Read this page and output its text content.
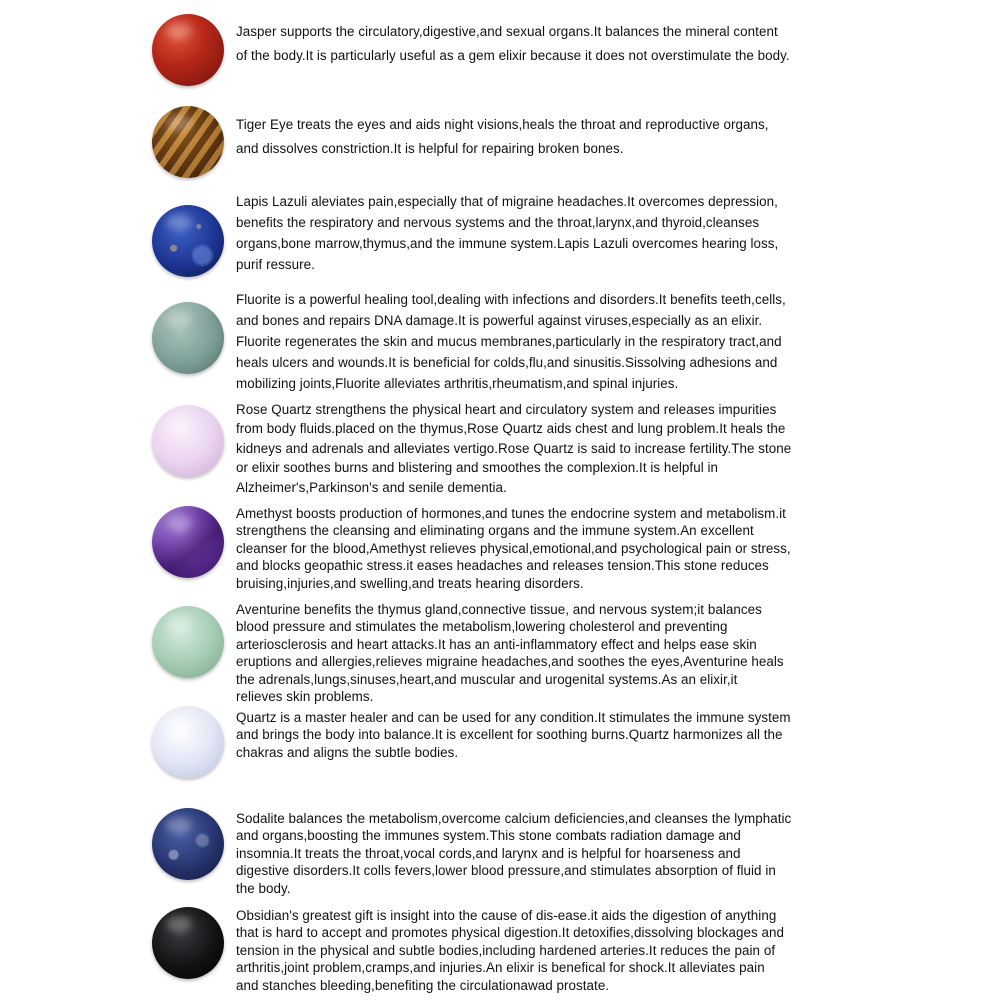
Jasper supports the circulatory,digestive,and sexual organs.It balances the mineral content
of the body.It is particularly useful as a gem elixir because it does not overstimulate the body.

Tiger Eye treats the eyes and aids night visions,heals the throat and reproductive organs,
and dissolves constriction.It is helpful for repairing broken bones.

Lapis Lazuli aleviates pain,especially that of migraine headaches.It overcomes depression,
benefits the respiratory and nervous systems and the throat,larynx,and thyroid,cleanses
organs,bone marrow,thymus,and the immune system.Lapis Lazuli overcomes hearing loss,
purif ressure.

Fluorite is a powerful healing tool,dealing with infections and disorders.It benefits teeth,cells,
and bones and repairs DNA damage.It is powerful against viruses,especially as an elixir.
Fluorite regenerates the skin and mucus membranes,particularly in the respiratory tract,and
heals ulcers and wounds.It is beneficial for colds,flu,and sinusitis.Sissolving adhesions and
mobilizing joints,Fluorite alleviates arthritis,rheumatism,and spinal injuries.

Rose Quartz strengthens the physical heart and circulatory system and releases impurities
from body fluids.placed on the thymus,Rose Quartz aids chest and lung problem.It heals the
kidneys and adrenals and alleviates vertigo.Rose Quartz is said to increase fertility.The stone
or elixir soothes burns and blistering and smoothes the complexion.It is helpful in
Alzheimer's,Parkinson's and senile dementia.

Amethyst boosts production of hormones,and tunes the endocrine system and metabolism.it
strengthens the cleansing and eliminating organs and the immune system.An excellent
cleanser for the blood,Amethyst relieves physical,emotional,and psychological pain or stress,
and blocks geopathic stress.it eases headaches and releases tension.This stone reduces
bruising,injuries,and swelling,and treats hearing disorders.

Aventurine benefits the thymus gland,connective tissue, and nervous system;it balances
blood pressure and stimulates the metabolism,lowering cholesterol and preventing
arteriosclerosis and heart attacks.It has an anti-inflammatory effect and helps ease skin
eruptions and allergies,relieves migraine headaches,and soothes the eyes,Aventurine heals
the adrenals,lungs,sinuses,heart,and muscular and urogenital systems.As an elixir,it
relieves skin problems.

Quartz is a master healer and can be used for any condition.It stimulates the immune system
and brings the body into balance.It is excellent for soothing burns.Quartz harmonizes all the
chakras and aligns the subtle bodies.

Sodalite balances the metabolism,overcome calcium deficiencies,and cleanses the lymphatic
and organs,boosting the immunes system.This stone combats radiation damage and
insomnia.It treats the throat,vocal cords,and larynx and is helpful for hoarseness and
digestive disorders.It colls fevers,lower blood pressure,and stimulates absorption of fluid in
the body.

Obsidian's greatest gift is insight into the cause of dis-ease.it aids the digestion of anything
that is hard to accept and promotes physical digestion.It detoxifies,dissolving blockages and
tension in the physical and subtle bodies,including hardened arteries.It reduces the pain of
arthritis,joint problem,cramps,and injuries.An elixir is benefical for shock.It alleviates pain
and stanches bleeding,benefiting the circulationawad prostate.
